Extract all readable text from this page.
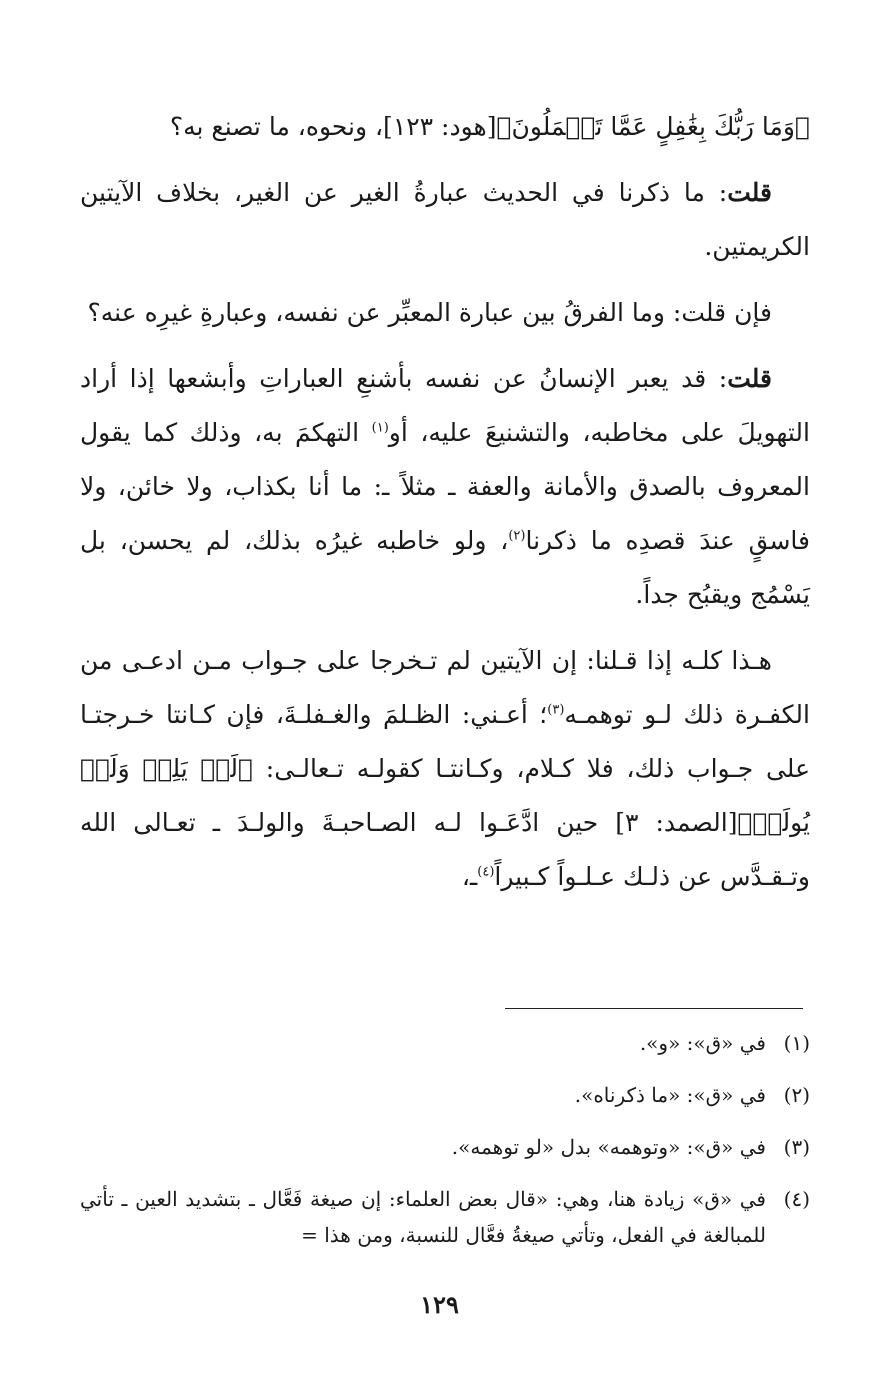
﴿وَمَا رَبُّكَ بِغَٰفِلٍ عَمَّا تَعۡمَلُونَ﴾[هود: ١٢٣]، ونحوه، ما تصنع به؟

قلت: ما ذكرنا في الحديث عبارةُ الغير عن الغير، بخلاف الآيتين الكريمتين.

فإن قلت: وما الفرقُ بين عبارة المعبِّر عن نفسه، وعبارةِ غيرِه عنه؟

قلت: قد يعبر الإنسانُ عن نفسه بأشنعِ العباراتِ وأبشعها إذا أراد التهويلَ على مخاطبه، والتشنيعَ عليه، أو$^{(١)}$ التهكمَ به، وذلك كما يقول المعروف بالصدق والأمانة والعفة ـ مثلاً ـ: ما أنا بكذاب، ولا خائن، ولا فاسقٍ عندَ قصدِه ما ذكرنا$^{(٢)}$، ولو خاطبه غيرُه بذلك، لم يحسن، بل يَسْمُج ويقبُح جداً.

هـذا كلـه إذا قـلنا: إن الآيتين لم تـخرجا على جـواب مـن ادعـى من الكفـرة ذلك لـو توهمـه$^{(٣)}$؛ أعـني: الظـلمَ والغـفلـةَ، فإن كـانتا خـرجتـا على جـواب ذلك، فلا كـلام، وكـانتـا كقولـه تـعالـى: ﴿لَمۡ يَلِدۡ وَلَمۡ يُولَدۡ﴾[الصمد: ٣] حين ادَّعَـوا لـه الصـاحبـةَ والولـدَ ـ تعـالى الله وتـقـدَّس عن ذلـك عـلـواً كـبيراً$^{(٤)}$ـ،

(١)
في «ق»: «و».
(٢)
في «ق»: «ما ذكرناه».
(٣)
في «ق»: «وتوهمه» بدل «لو توهمه».
(٤)
في «ق» زيادة هنا، وهي: «قال بعض العلماء: إن صيغة فَعَّال ـ بتشديد العين ـ تأتي للمبالغة في الفعل، وتأتي صيغةُ فعَّال للنسبة، ومن هذا =
١٢٩
